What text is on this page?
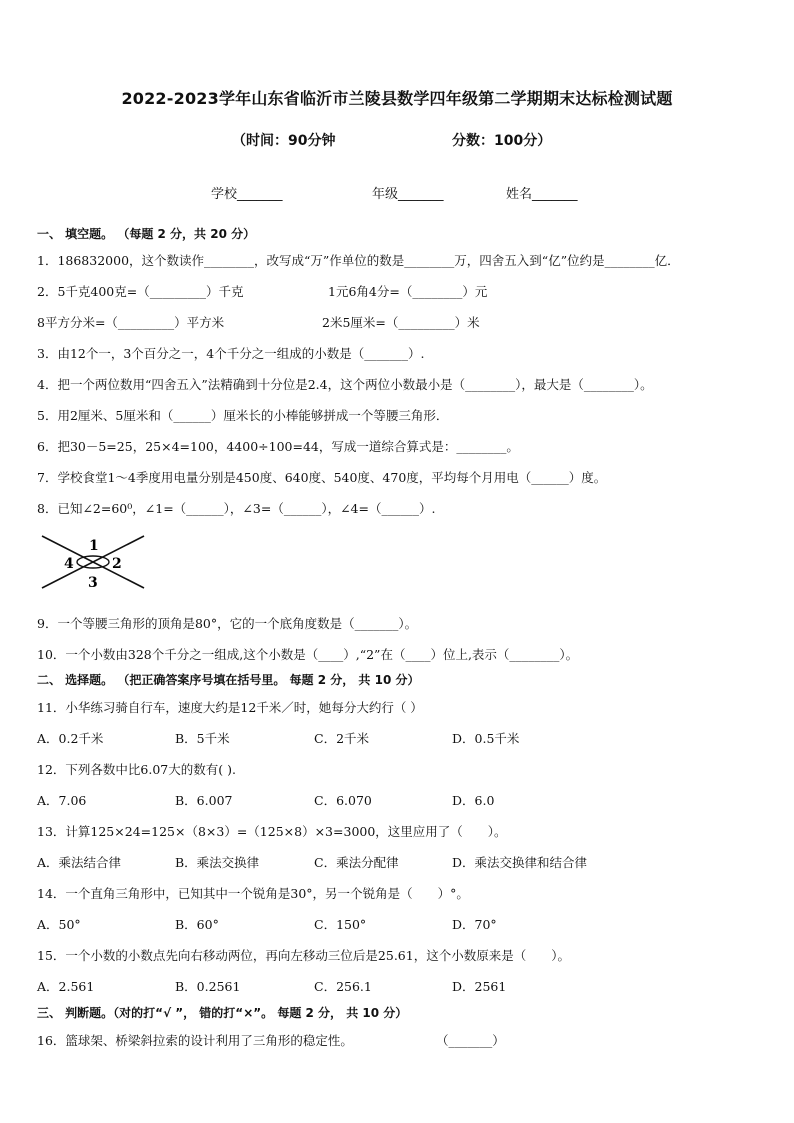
2022-2023学年山东省临沂市兰陵县数学四年级第二学期期末达标检测试题
（时间：90分钟	分数：100分）
学校_______	年级_______	姓名_______
一、 填空题。 （每题 2 分，共 20 分）
1．186832000，这个数读作________，改写成“万”作单位的数是________万，四舍五入到“亿”位约是________亿．
2．5千克400克=（_________）千克	1元6角4分=（________）元
8平方分米=（_________）平方米	2米5厘米=（_________）米
3．由12个一，3个百分之一，4个千分之一组成的小数是（_______）.
4．把一个两位数用“四舍五入”法精确到十分位是2.4，这个两位小数最小是（________），最大是（________）。
5．用2厘米、5厘米和（______）厘米长的小棒能够拼成一个等腰三角形．
6．把30－5=25，25×4=100，4400÷100=44，写成一道综合算式是：________。
7．学校食堂1～4季度用电量分别是450度、640度、540度、470度，平均每个月用电（______）度。
8．已知∠2=60⁰，∠1=（______），∠3=（______），∠4=（______）.
1
2
3
4
9．一个等腰三角形的顶角是80°，它的一个底角度数是（_______）。
10．一个小数由328个千分之一组成,这个小数是（____）,“2”在（____）位上,表示（________）。
二、 选择题。 （把正确答案序号填在括号里。 每题 2 分， 共 10 分）
11．小华练习骑自行车，速度大约是12千米／时，她每分大约行（ ）
A．0.2千米	B．5千米	C．2千米	D．0.5千米
12．下列各数中比6.07大的数有( ).
A．7.06	B．6.007	C．6.070	D．6.0
13．计算125×24=125×（8×3）=（125×8）×3=3000，这里应用了（　　）。
A．乘法结合律	B．乘法交换律	C．乘法分配律	D．乘法交换律和结合律
14．一个直角三角形中，已知其中一个锐角是30°，另一个锐角是（　　）°。
A．50°	B．60°	C．150°	D．70°
15．一个小数的小数点先向右移动两位，再向左移动三位后是25.61，这个小数原来是（　　）。
A．2.561	B．0.2561	C．256.1	D．2561
三、 判断题。（对的打“√ ”， 错的打“×”。 每题 2 分， 共 10 分）
16．篮球架、桥梁斜拉索的设计利用了三角形的稳定性。	（_______）
